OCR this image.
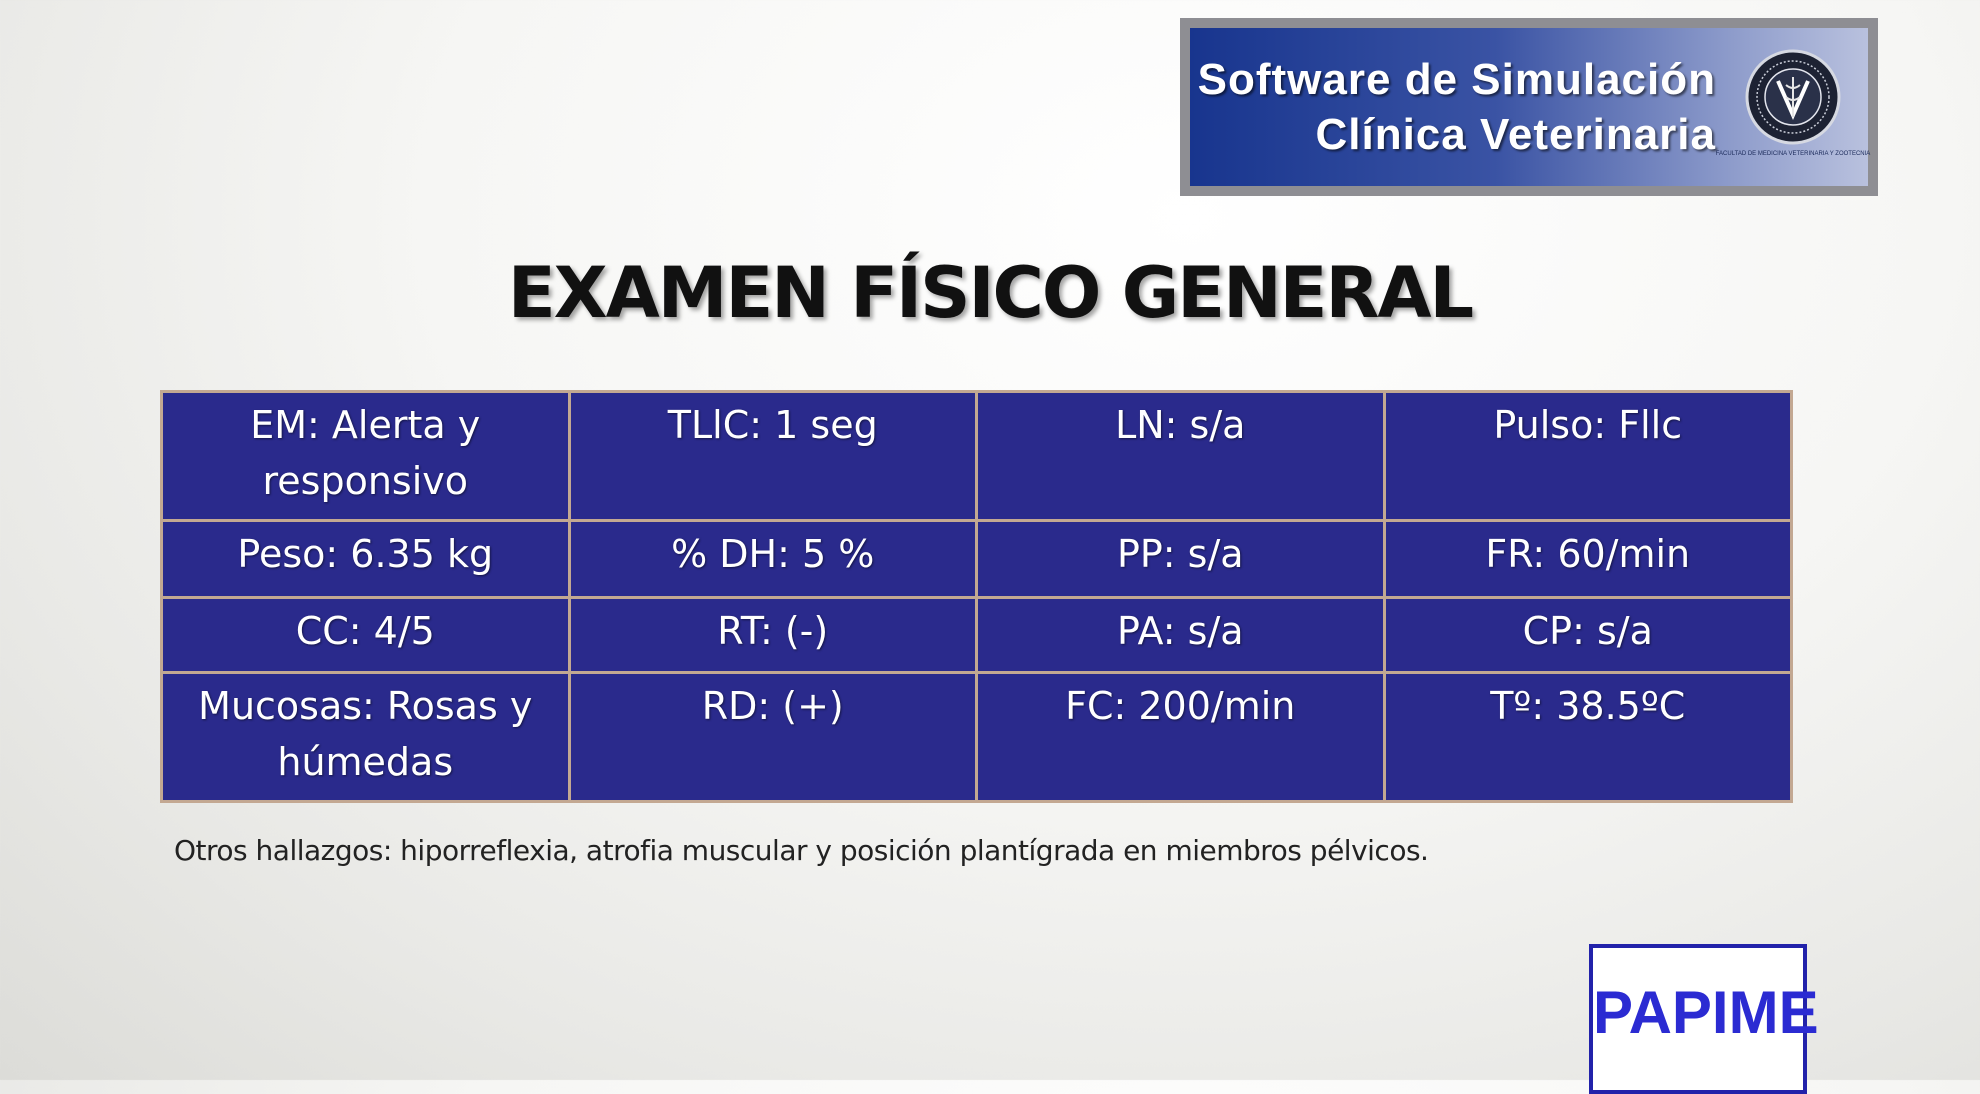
Software de Simulación
Clínica Veterinaria FACULTAD DE MEDICINA VETERINARIA Y ZOOTECNIA
EXAMEN FÍSICO GENERAL
EM: Alerta y responsivo	TLlC: 1 seg	LN: s/a	Pulso: Fllc
Peso: 6.35 kg	% DH: 5 %	PP: s/a	FR: 60/min
CC: 4/5	RT: (-)	PA: s/a	CP: s/a
Mucosas: Rosas y húmedas	RD: (+)	FC: 200/min	Tº: 38.5ºC
Otros hallazgos: hiporreflexia, atrofia muscular y posición plantígrada en miembros pélvicos.
PAPIME
